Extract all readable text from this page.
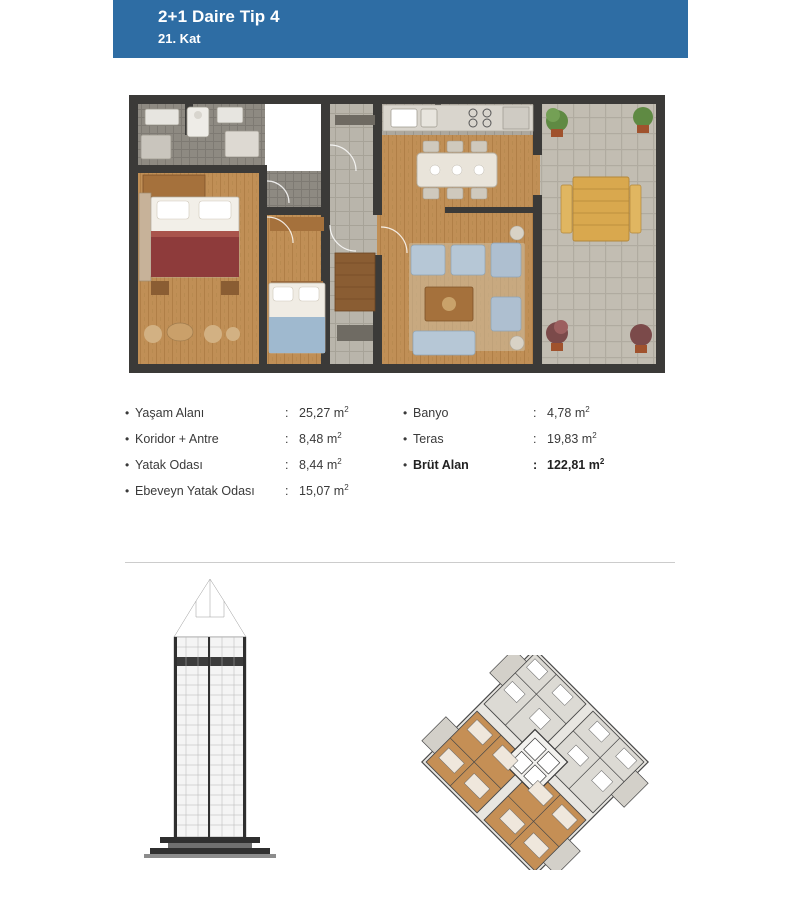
2+1 Daire Tip 4
21. Kat
• Yaşam Alanı	: 25,27 $m^2$
• Koridor + Antre	: 8,48 $m^2$
• Yatak Odası	: 8,44 $m^2$
• Ebeveyn Yatak Odası	: 15,07 $m^2$
• Banyo	: 4,78 $m^2$
• Teras	: 19,83 $m^2$
• Brüt Alan	: 122,81 $m^2$
